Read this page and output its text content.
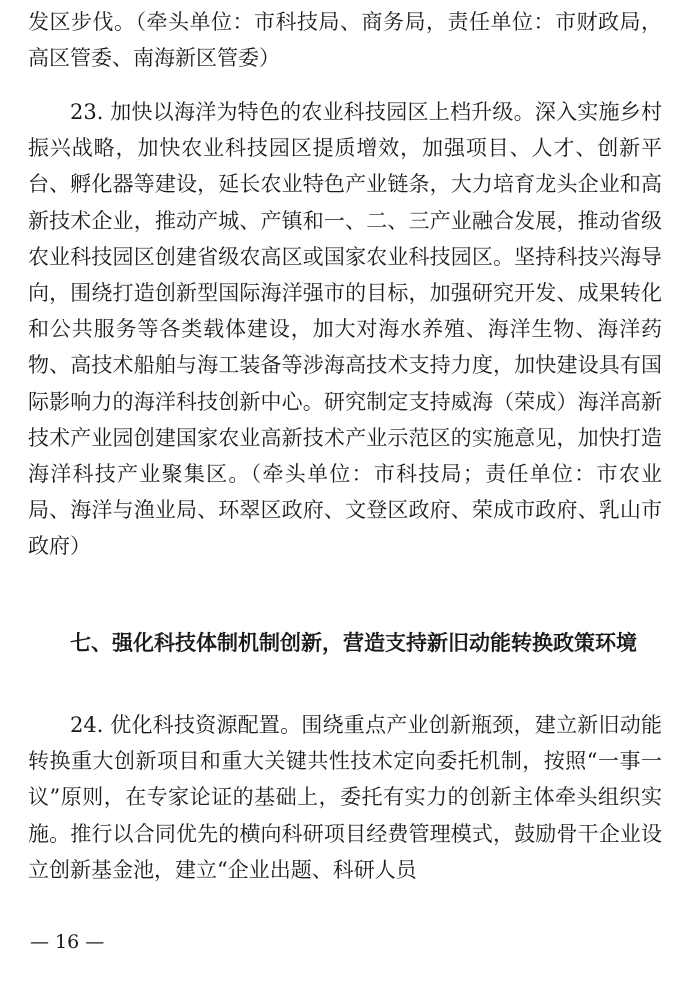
发区步伐。（牵头单位：市科技局、商务局，责任单位：市财政局，高区管委、南海新区管委）

23. 加快以海洋为特色的农业科技园区上档升级。深入实施乡村振兴战略，加快农业科技园区提质增效，加强项目、人才、创新平台、孵化器等建设，延长农业特色产业链条，大力培育龙头企业和高新技术企业，推动产城、产镇和一、二、三产业融合发展，推动省级农业科技园区创建省级农高区或国家农业科技园区。坚持科技兴海导向，围绕打造创新型国际海洋强市的目标，加强研究开发、成果转化和公共服务等各类载体建设，加大对海水养殖、海洋生物、海洋药物、高技术船舶与海工装备等涉海高技术支持力度，加快建设具有国际影响力的海洋科技创新中心。研究制定支持威海（荣成）海洋高新技术产业园创建国家农业高新技术产业示范区的实施意见，加快打造海洋科技产业聚集区。（牵头单位：市科技局；责任单位：市农业局、海洋与渔业局、环翠区政府、文登区政府、荣成市政府、乳山市政府）

七、强化科技体制机制创新，营造支持新旧动能转换政策环境

24. 优化科技资源配置。围绕重点产业创新瓶颈，建立新旧动能转换重大创新项目和重大关键共性技术定向委托机制，按照“一事一议”原则，在专家论证的基础上，委托有实力的创新主体牵头组织实施。推行以合同优先的横向科研项目经费管理模式，鼓励骨干企业设立创新基金池，建立“企业出题、科研人员

— 16 —
